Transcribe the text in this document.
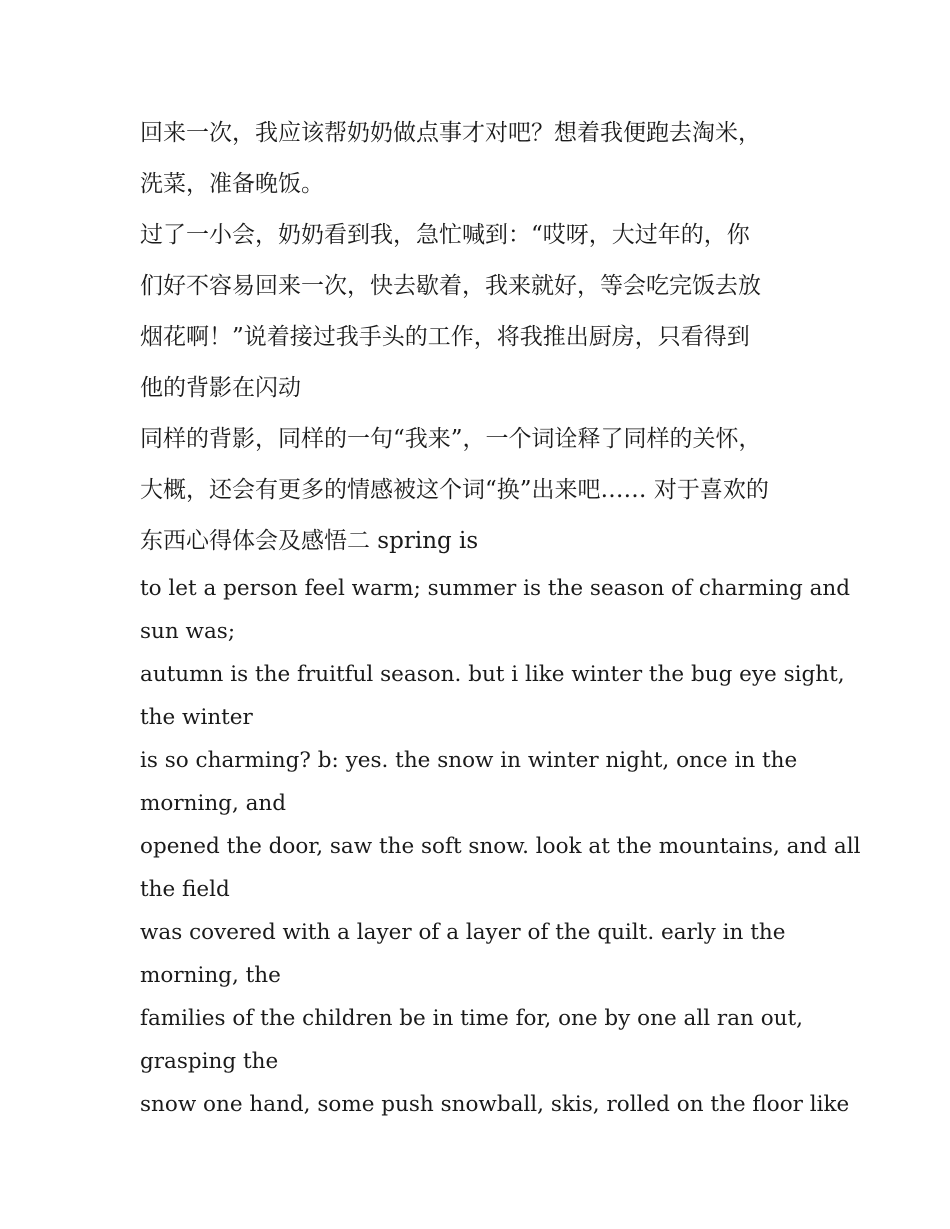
回来一次，我应该帮奶奶做点事才对吧？想着我便跑去淘米，
洗菜，准备晚饭。
过了一小会，奶奶看到我，急忙喊到：“哎呀，大过年的，你
们好不容易回来一次，快去歇着，我来就好，等会吃完饭去放
烟花啊！”说着接过我手头的工作，将我推出厨房，只看得到
他的背影在闪动
同样的背影，同样的一句“我来”，一个词诠释了同样的关怀，
大概，还会有更多的情感被这个词“换”出来吧…… 对于喜欢的
东西心得体会及感悟二 spring is
to let a person feel warm; summer is the season of charming and
sun was;
autumn is the fruitful season. but i like winter the bug eye sight,
the winter
is so charming? b: yes. the snow in winter night, once in the
morning, and
opened the door, saw the soft snow. look at the mountains, and all
the field
was covered with a layer of a layer of the quilt. early in the
morning, the
families of the children be in time for, one by one all ran out,
grasping the
snow one hand, some push snowball, skis, rolled on the floor like
